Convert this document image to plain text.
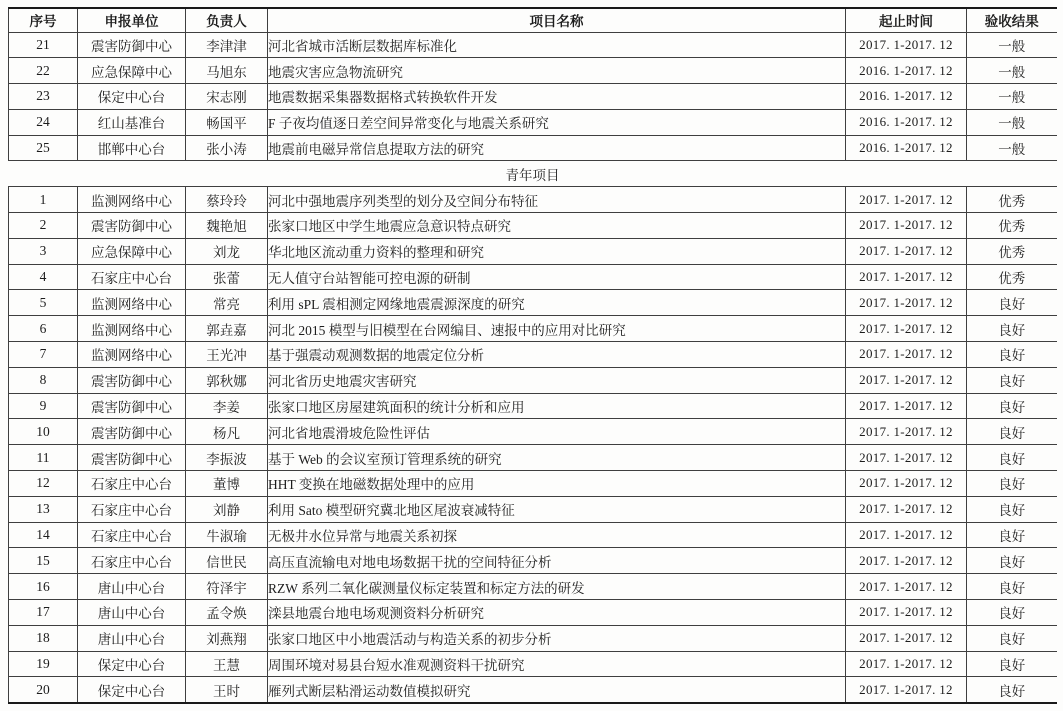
序号	申报单位	负责人	项目名称	起止时间	验收结果
21	震害防御中心	李津津	河北省城市活断层数据库标准化	2017. 1-2017. 12	一般
22	应急保障中心	马旭东	地震灾害应急物流研究	2016. 1-2017. 12	一般
23	保定中心台	宋志刚	地震数据采集器数据格式转换软件开发	2016. 1-2017. 12	一般
24	红山基准台	畅国平	F 子夜均值逐日差空间异常变化与地震关系研究	2016. 1-2017. 12	一般
25	邯郸中心台	张小涛	地震前电磁异常信息提取方法的研究	2016. 1-2017. 12	一般
青年项目					
1	监测网络中心	蔡玲玲	河北中强地震序列类型的划分及空间分布特征	2017. 1-2017. 12	优秀
2	震害防御中心	魏艳旭	张家口地区中学生地震应急意识特点研究	2017. 1-2017. 12	优秀
3	应急保障中心	刘龙	华北地区流动重力资料的整理和研究	2017. 1-2017. 12	优秀
4	石家庄中心台	张蕾	无人值守台站智能可控电源的研制	2017. 1-2017. 12	优秀
5	监测网络中心	常亮	利用 sPL 震相测定网缘地震震源深度的研究	2017. 1-2017. 12	良好
6	监测网络中心	郭垚嘉	河北 2015 模型与旧模型在台网编目、速报中的应用对比研究	2017. 1-2017. 12	良好
7	监测网络中心	王光冲	基于强震动观测数据的地震定位分析	2017. 1-2017. 12	良好
8	震害防御中心	郭秋娜	河北省历史地震灾害研究	2017. 1-2017. 12	良好
9	震害防御中心	李姜	张家口地区房屋建筑面积的统计分析和应用	2017. 1-2017. 12	良好
10	震害防御中心	杨凡	河北省地震滑坡危险性评估	2017. 1-2017. 12	良好
11	震害防御中心	李振波	基于 Web 的会议室预订管理系统的研究	2017. 1-2017. 12	良好
12	石家庄中心台	董博	HHT 变换在地磁数据处理中的应用	2017. 1-2017. 12	良好
13	石家庄中心台	刘静	利用 Sato 模型研究冀北地区尾波衰减特征	2017. 1-2017. 12	良好
14	石家庄中心台	牛淑瑜	无极井水位异常与地震关系初探	2017. 1-2017. 12	良好
15	石家庄中心台	信世民	高压直流输电对地电场数据干扰的空间特征分析	2017. 1-2017. 12	良好
16	唐山中心台	符泽宇	RZW 系列二氧化碳测量仪标定装置和标定方法的研发	2017. 1-2017. 12	良好
17	唐山中心台	孟令焕	滦县地震台地电场观测资料分析研究	2017. 1-2017. 12	良好
18	唐山中心台	刘燕翔	张家口地区中小地震活动与构造关系的初步分析	2017. 1-2017. 12	良好
19	保定中心台	王慧	周围环境对易县台短水准观测资料干扰研究	2017. 1-2017. 12	良好
20	保定中心台	王时	雁列式断层粘滑运动数值模拟研究	2017. 1-2017. 12	良好
